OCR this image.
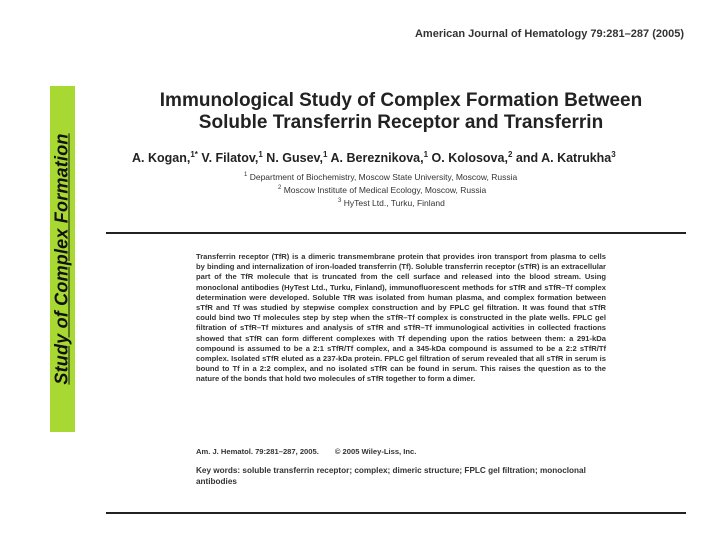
Study of Complex Formation
American Journal of Hematology 79:281–287 (2005)
Immunological Study of Complex Formation Between
Soluble Transferrin Receptor and Transferrin
A. Kogan,$^{1*}$ V. Filatov,$^1$ N. Gusev,$^1$ A. Bereznikova,$^1$ O. Kolosova,$^2$ and A. Katrukha$^3$
$^1$ Department of Biochemistry, Moscow State University, Moscow, Russia
$^2$ Moscow Institute of Medical Ecology, Moscow, Russia
$^3$ HyTest Ltd., Turku, Finland
Transferrin receptor (TfR) is a dimeric transmembrane protein that provides iron transport from plasma to cells by binding and internalization of iron-loaded transferrin (Tf). Soluble transferrin receptor (sTfR) is an extracellular part of the TfR molecule that is truncated from the cell surface and released into the blood stream. Using monoclonal antibodies (HyTest Ltd., Turku, Finland), immunofluorescent methods for sTfR and sTfR–Tf complex determination were developed. Soluble TfR was isolated from human plasma, and complex formation between sTfR and Tf was studied by stepwise complex construction and by FPLC gel filtration. It was found that sTfR could bind two Tf molecules step by step when the sTfR–Tf complex is constructed in the plate wells. FPLC gel filtration of sTfR–Tf mixtures and analysis of sTfR and sTfR–Tf immunological activities in collected fractions showed that sTfR can form different complexes with Tf depending upon the ratios between them: a 291-kDa compound is assumed to be a 2:1 sTfR/Tf complex, and a 345-kDa compound is assumed to be a 2:2 sTfR/Tf complex. Isolated sTfR eluted as a 237-kDa protein. FPLC gel filtration of serum revealed that all sTfR in serum is bound to Tf in a 2:2 complex, and no isolated sTfR can be found in serum. This raises the question as to the nature of the bonds that hold two molecules of sTfR together to form a dimer.
Am. J. Hematol. 79:281–287, 2005. © 2005 Wiley-Liss, Inc.
Key words: soluble transferrin receptor; complex; dimeric structure; FPLC gel filtration; monoclonal antibodies
